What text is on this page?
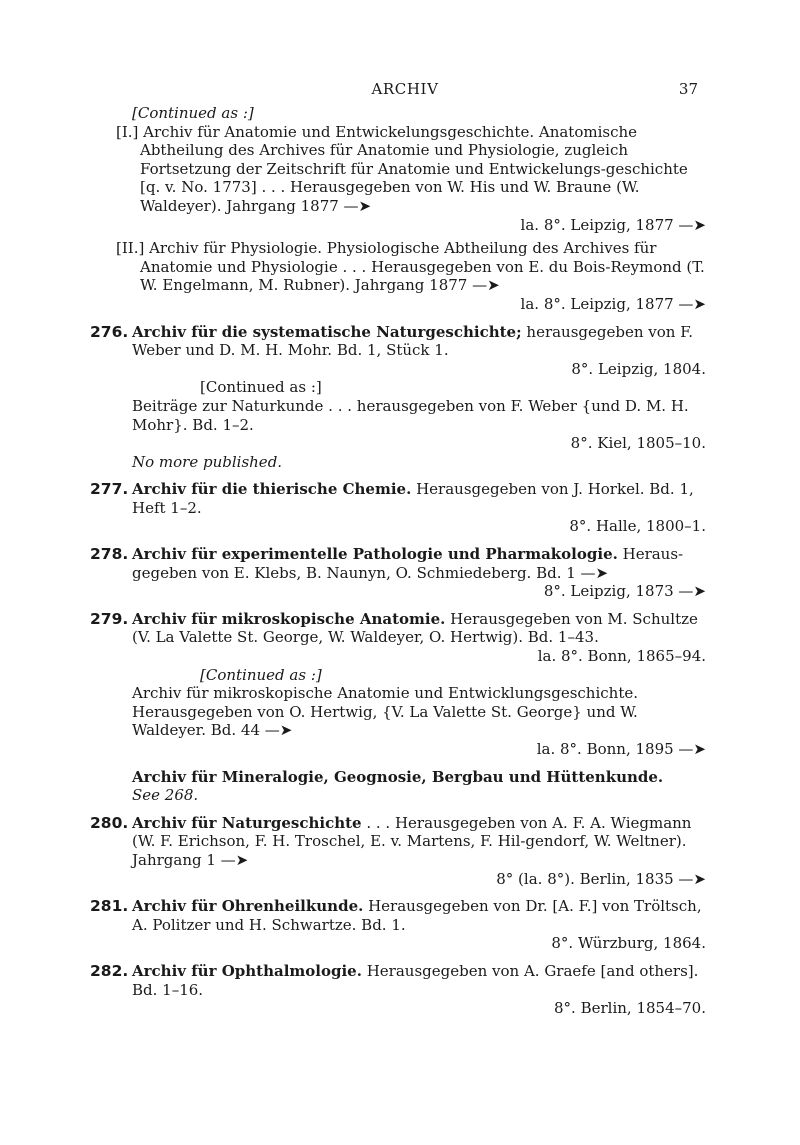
ARCHIV	37

[Continued as :]

[I.] Archiv für Anatomie und Entwickelungsgeschichte. Anatomische Abtheilung des Archives für Anatomie und Physiologie, zugleich Fortsetzung der Zeitschrift für Anatomie und Entwickelungs-geschichte [q. v. No. 1773] . . . Herausgegeben von W. His und W. Braune (W. Waldeyer). Jahrgang 1877 —➤

la. 8°. Leipzig, 1877 —➤

[II.] Archiv für Physiologie. Physiologische Abtheilung des Archives für Anatomie und Physiologie . . . Herausgegeben von E. du Bois-Reymond (T. W. Engelmann, M. Rubner). Jahrgang 1877 —➤

la. 8°. Leipzig, 1877 —➤

276. Archiv für die systematische Naturgeschichte; herausgegeben von F. Weber und D. M. H. Mohr. Bd. 1, Stück 1.

8°. Leipzig, 1804.

[Continued as :]

Beiträge zur Naturkunde . . . herausgegeben von F. Weber {und D. M. H. Mohr}. Bd. 1–2.

8°. Kiel, 1805–10.

No more published.

277. Archiv für die thierische Chemie. Herausgegeben von J. Horkel. Bd. 1, Heft 1–2.

8°. Halle, 1800–1.

278. Archiv für experimentelle Pathologie und Pharmakologie. Heraus-gegeben von E. Klebs, B. Naunyn, O. Schmiedeberg. Bd. 1 —➤

8°. Leipzig, 1873 —➤

279. Archiv für mikroskopische Anatomie. Herausgegeben von M. Schultze (V. La Valette St. George, W. Waldeyer, O. Hertwig). Bd. 1–43.

la. 8°. Bonn, 1865–94.

[Continued as :]

Archiv für mikroskopische Anatomie und Entwicklungsgeschichte. Herausgegeben von O. Hertwig, {V. La Valette St. George} und W. Waldeyer. Bd. 44 —➤

la. 8°. Bonn, 1895 —➤

Archiv für Mineralogie, Geognosie, Bergbau und Hüttenkunde.

See 268.

280. Archiv für Naturgeschichte . . . Herausgegeben von A. F. A. Wiegmann (W. F. Erichson, F. H. Troschel, E. v. Martens, F. Hil-gendorf, W. Weltner). Jahrgang 1 —➤

8° (la. 8°). Berlin, 1835 —➤

281. Archiv für Ohrenheilkunde. Herausgegeben von Dr. [A. F.] von Tröltsch, A. Politzer und H. Schwartze. Bd. 1.

8°. Würzburg, 1864.

282. Archiv für Ophthalmologie. Herausgegeben von A. Graefe [and others]. Bd. 1–16.

8°. Berlin, 1854–70.
